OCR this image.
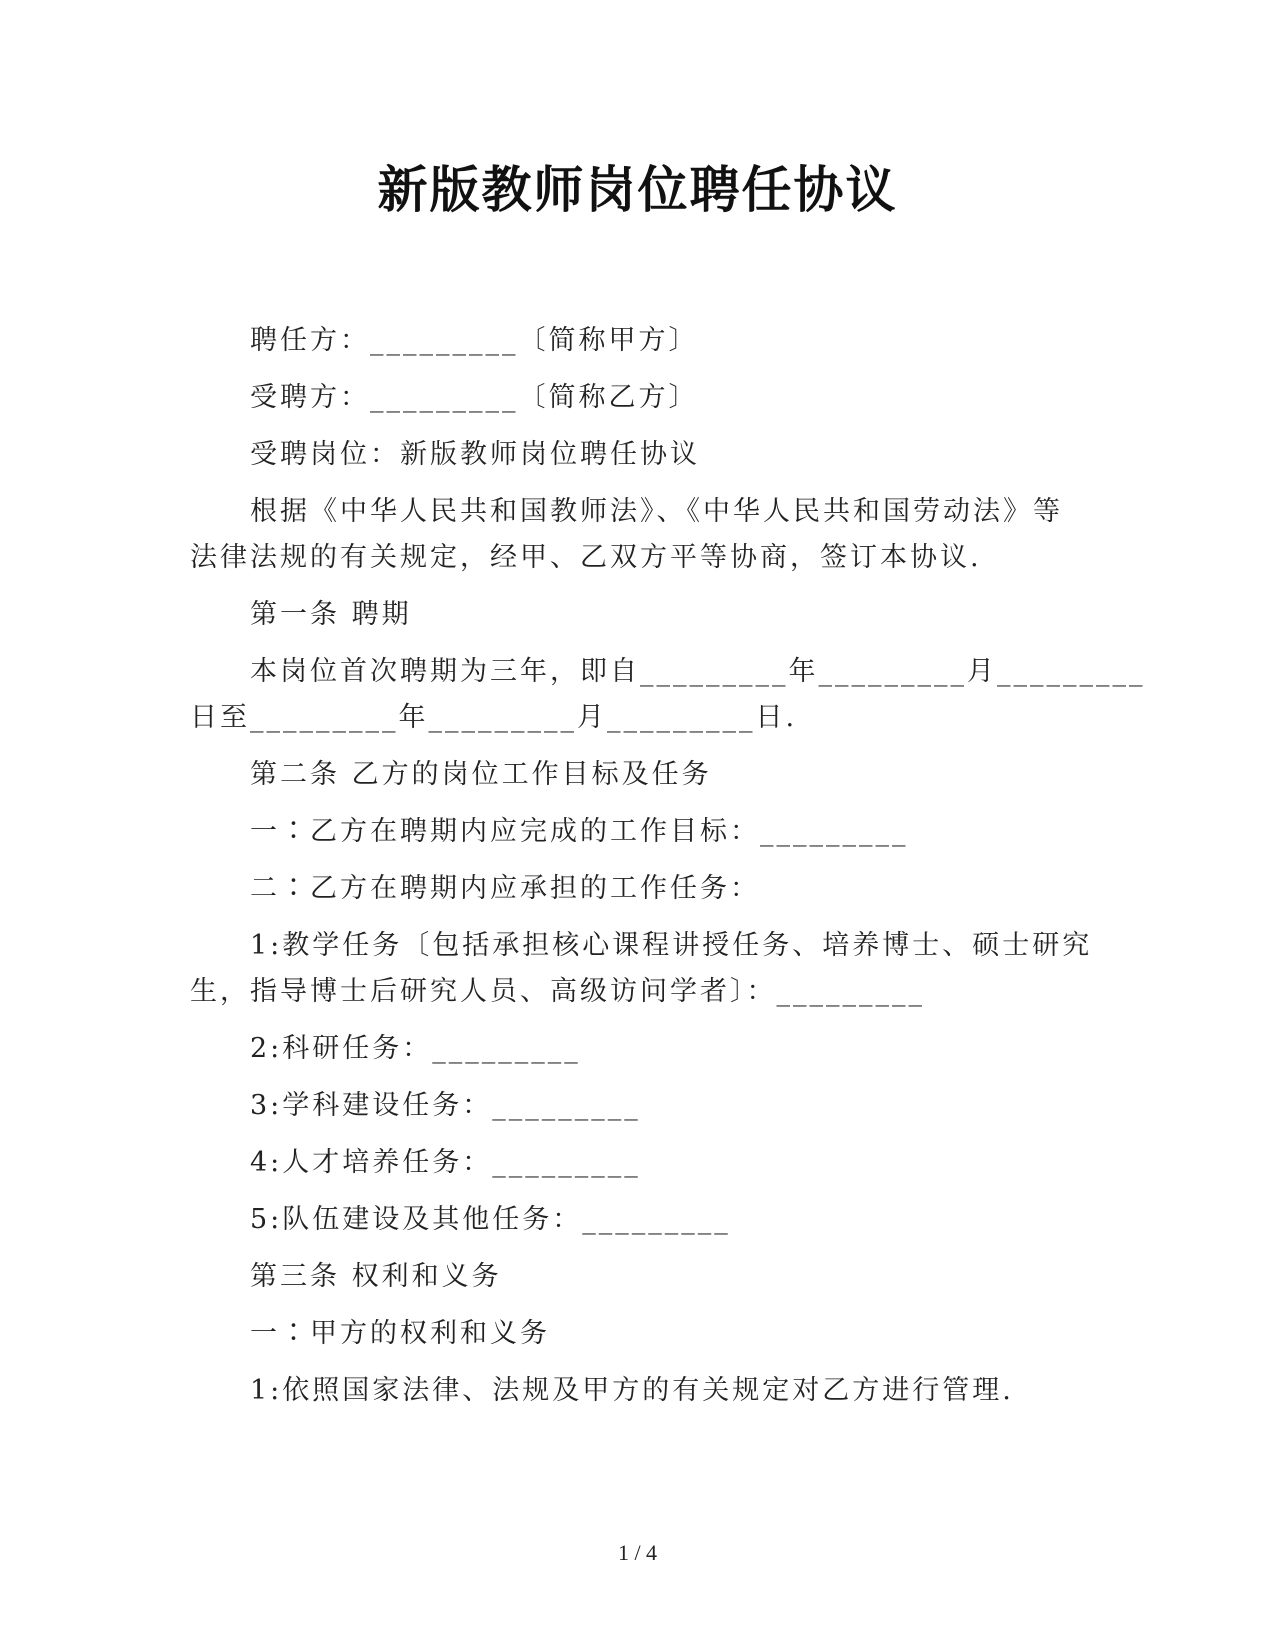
新版教师岗位聘任协议

聘任方：_________〔简称甲方〕

受聘方：_________〔简称乙方〕

受聘岗位：新版教师岗位聘任协议

根据《中华人民共和国教师法》、《中华人民共和国劳动法》等

法律法规的有关规定，经甲、乙双方平等协商，签订本协议.

第一条 聘期

本岗位首次聘期为三年，即自_________年_________月_________

日至_________年_________月_________日.

第二条 乙方的岗位工作目标及任务

一∶乙方在聘期内应完成的工作目标：_________

二∶乙方在聘期内应承担的工作任务：

1:教学任务〔包括承担核心课程讲授任务、培养博士、硕士研究

生，指导博士后研究人员、高级访问学者〕：_________

2:科研任务：_________

3:学科建设任务：_________

4:人才培养任务：_________

5:队伍建设及其他任务：_________

第三条 权利和义务

一∶甲方的权利和义务

1:依照国家法律、法规及甲方的有关规定对乙方进行管理.

1 / 4
